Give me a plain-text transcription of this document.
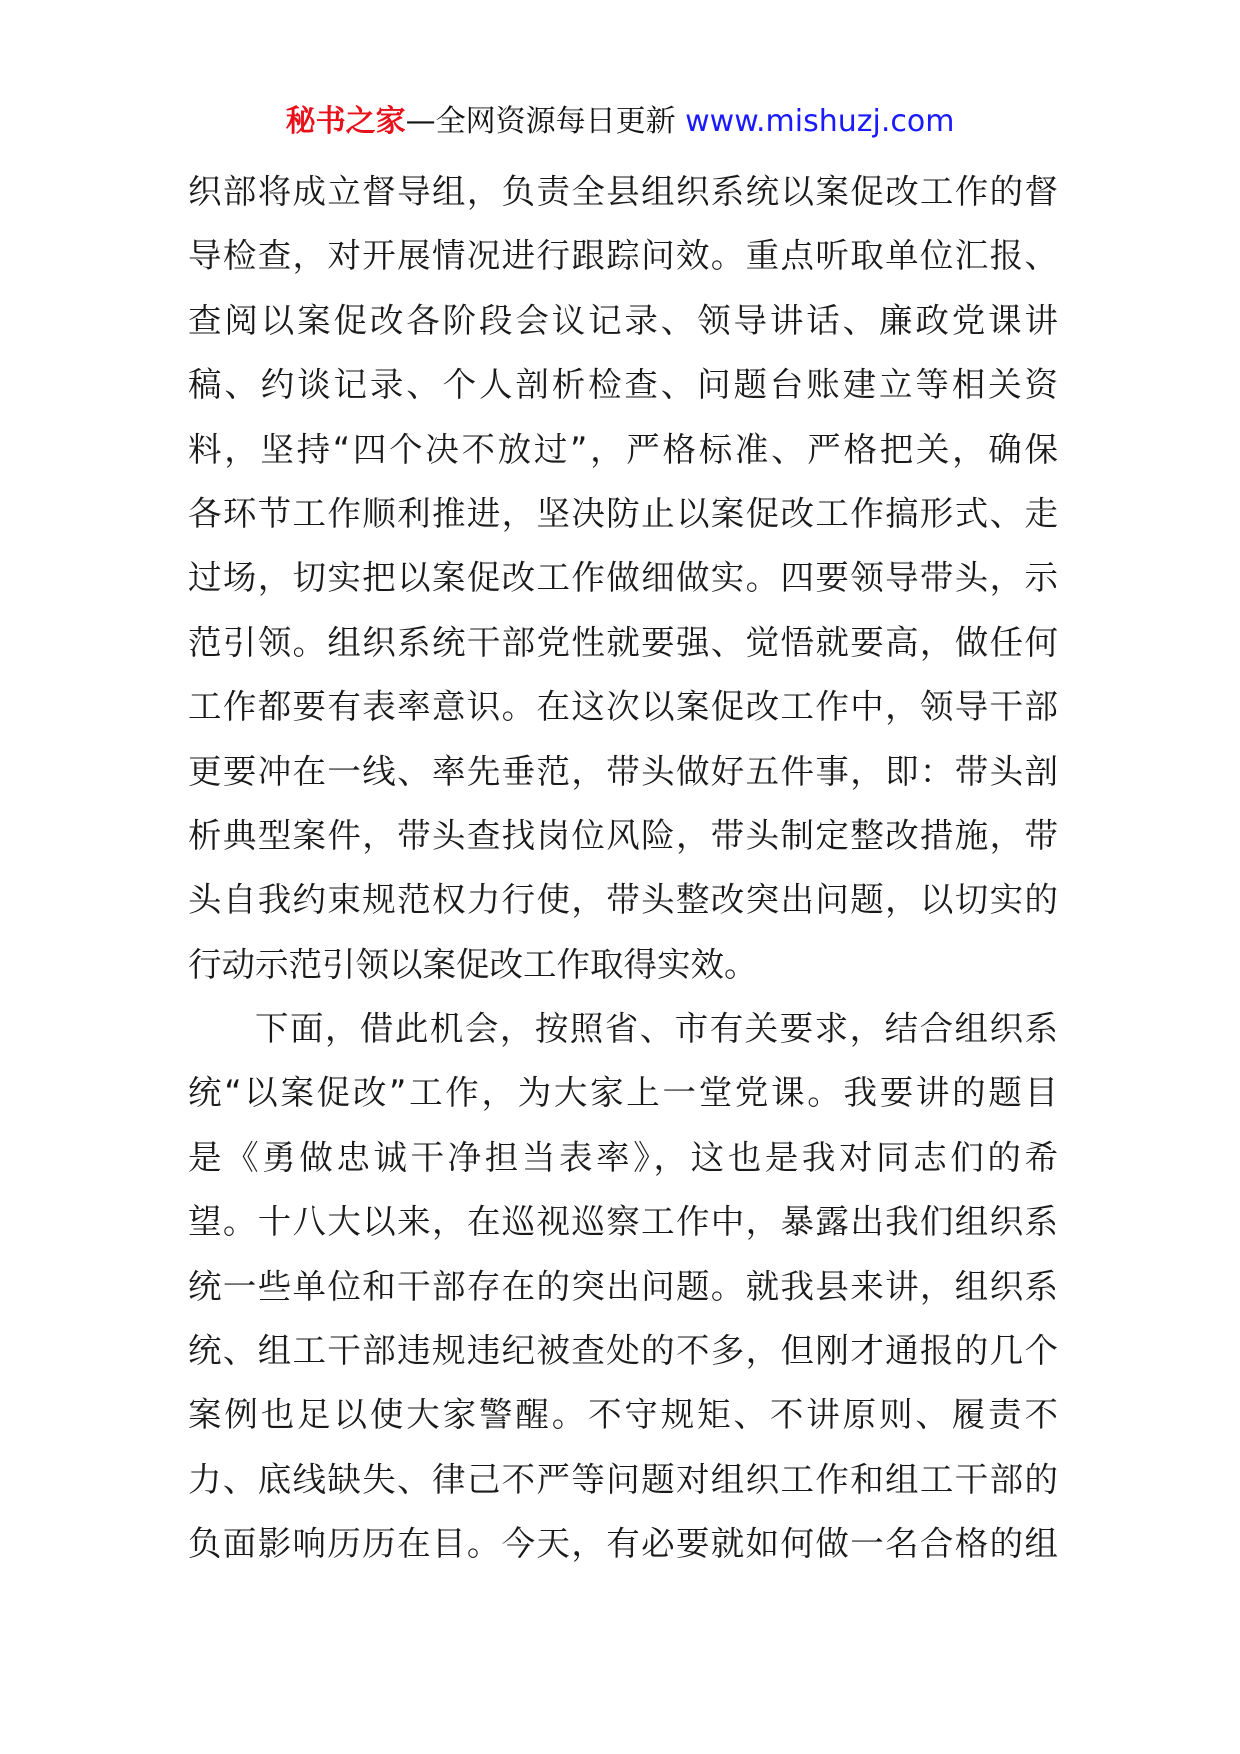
秘书之家—全网资源每日更新 www.mishuzj.com
织部将成立督导组，负责全县组织系统以案促改工作的督
导检查，对开展情况进行跟踪问效。重点听取单位汇报、
查阅以案促改各阶段会议记录、领导讲话、廉政党课讲
稿、约谈记录、个人剖析检查、问题台账建立等相关资
料，坚持“四个决不放过”，严格标准、严格把关，确保
各环节工作顺利推进，坚决防止以案促改工作搞形式、走
过场，切实把以案促改工作做细做实。四要领导带头，示
范引领。组织系统干部党性就要强、觉悟就要高，做任何
工作都要有表率意识。在这次以案促改工作中，领导干部
更要冲在一线、率先垂范，带头做好五件事，即：带头剖
析典型案件，带头查找岗位风险，带头制定整改措施，带
头自我约束规范权力行使，带头整改突出问题，以切实的
行动示范引领以案促改工作取得实效。
下面，借此机会，按照省、市有关要求，结合组织系
统“以案促改”工作，为大家上一堂党课。我要讲的题目
是《勇做忠诚干净担当表率》，这也是我对同志们的希
望。十八大以来，在巡视巡察工作中，暴露出我们组织系
统一些单位和干部存在的突出问题。就我县来讲，组织系
统、组工干部违规违纪被查处的不多，但刚才通报的几个
案例也足以使大家警醒。不守规矩、不讲原则、履责不
力、底线缺失、律己不严等问题对组织工作和组工干部的
负面影响历历在目。今天，有必要就如何做一名合格的组
